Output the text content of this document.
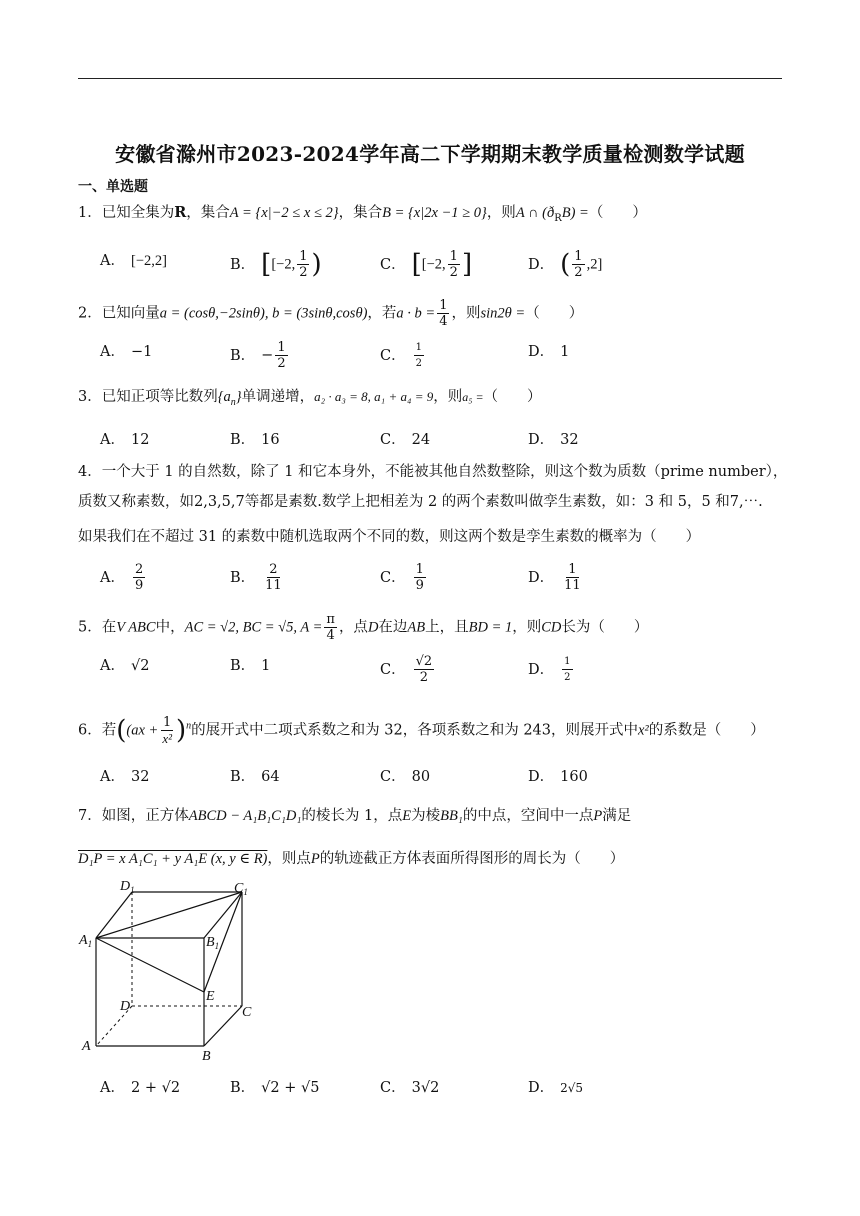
安徽省滁州市2023-2024学年高二下学期期末教学质量检测数学试题
一、单选题
1．已知全集为R，集合A = {x|−2 ≤ x ≤ 2}，集合B = {x|2x −1 ≥ 0}，则A ∩ $(ð_RB)$ =（　　）
A． [−2,2]	B． [[−2, $\frac{1}{2}$ )	C． [[−2, $\frac{1}{2}$ ]	D． ( $\frac{1}{2} ,2$]
2．已知向量a = (cosθ,−2sinθ), b = (3sinθ,cosθ)，若$a \cdot b = \frac{1}{4}$ ，则sin2θ =（　　）
A． −1	B． − $\frac{1}{2}$	C． $\frac{1}{2}$	D． 1
3．已知正项等比数列$\{a_n\}$单调递增，a₂ · a₃ = 8, a₁ + a₄ = 9，则a₅ =（　　）
A． 12	B． 16	C． 24	D． 32
4．一个大于 1 的自然数，除了 1 和它本身外，不能被其他自然数整除，则这个数为质数（prime number），
质数又称素数，如2,3,5,7等都是素数.数学上把相差为 2 的两个素数叫做孪生素数，如：3 和 5，5 和7,⋯.
如果我们在不超过 31 的素数中随机选取两个不同的数，则这两个数是孪生素数的概率为（　　）
A． $\frac{2}{9}$	B． $\frac{2}{11}$	C． $\frac{1}{9}$	D． $\frac{1}{11}$
5．在V ABC中，AC = √2, BC = √5, $A = \frac{\pi}{4}$ ，点D在边AB上，且BD = 1，则CD长为（　　）
A． √2	B． 1	C． $\frac{√2}{2}$	D． $\frac{1}{2}$
6．若($(ax + \frac{1}{\text{x²}} )^n$的展开式中二项式系数之和为 32，各项系数之和为 243，则展开式中x²的系数是（　　）
A． 32	B． 64	C． 80	D． 160
7．如图，正方体ABCD − A₁B₁C₁D₁的棱长为 1，点E为棱BB₁的中点，空间中一点P满足
D₁P = x A₁C₁ + y A₁E (x, y ∈ R)，则点P的轨迹截正方体表面所得图形的周长为（　　）
$D_1$	$C_1$
$A_1$	$B_1$
E
D	C
A
B
A． 2 + √2	B． √2 + √5	C． 3√2	D． 2√5
